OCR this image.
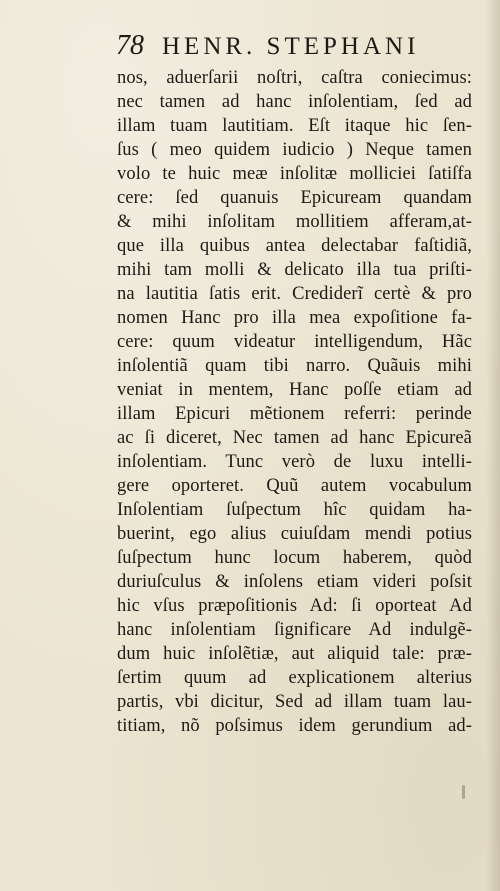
78 HENR. STEPHANI
nos, aduerſarii noſtri, caſtra coniecimus:
nec tamen ad hanc inſolentiam, ſed ad
illam tuam lautitiam. Eſt itaque hic ſen-
ſus ( meo quidem iudicio ) Neque tamen
volo te huic meæ inſolitæ molliciei ſatiſfa
cere: ſed quanuis Epicuream quandam
& mihi inſolitam mollitiem afferam,at-
que illa quibus antea delectabar faſtidiã,
mihi tam molli & delicato illa tua priſti-
na lautitia ſatis erit. Crediderĩ certè & pro
nomen Hanc pro illa mea expoſitione fa-
cere: quum videatur intelligendum, Hãc
inſolentiã quam tibi narro. Quãuis mihi
veniat in mentem, Hanc poſſe etiam ad
illam Epicuri mẽtionem referri: perinde
ac ſi diceret, Nec tamen ad hanc Epicureã
inſolentiam. Tunc verò de luxu intelli-
gere oporteret. Quũ autem vocabulum
Inſolentiam ſuſpectum hîc quidam ha-
buerint, ego alius cuiuſdam mendi potius
ſuſpectum hunc locum haberem, quòd
duriuſculus & inſolens etiam videri poſsit
hic vſus præpoſitionis Ad: ſi oporteat Ad
hanc inſolentiam ſignificare Ad indulgẽ-
dum huic inſolẽtiæ, aut aliquid tale: præ-
ſertim quum ad explicationem alterius
partis, vbi dicitur, Sed ad illam tuam lau-
titiam, nõ poſsimus idem gerundium ad-
